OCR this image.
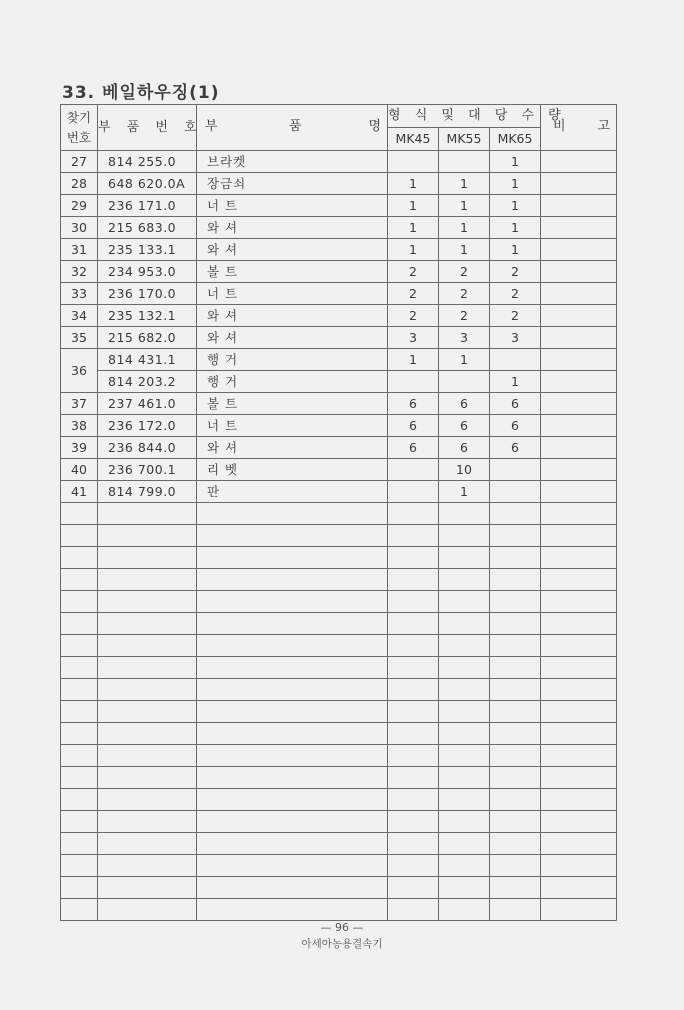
33. 베일하우징(1)
찾기
번호	부 품 번 호	부 품 명	형 식 및 대 당 수 량			비 고

			MK45	MK55	MK65	
27	814 255.0	브라켓			1	
28	648 620.0A	장금쇠	1	1	1	
29	236 171.0	너 트	1	1	1	
30	215 683.0	와 셔	1	1	1	
31	235 133.1	와 셔	1	1	1	
32	234 953.0	볼 트	2	2	2	
33	236 170.0	너 트	2	2	2	
34	235 132.1	와 셔	2	2	2	
35	215 682.0	와 셔	3	3	3	
36	814 431.1	행 거	1	1		
	814 203.2	행 거			1	
37	237 461.0	볼 트	6	6	6	
38	236 172.0	너 트	6	6	6	
39	236 844.0	와 셔	6	6	6	
40	236 700.1	리 벳		10		
41	814 799.0	판		1		

— 96 —
아세아농용결속기
